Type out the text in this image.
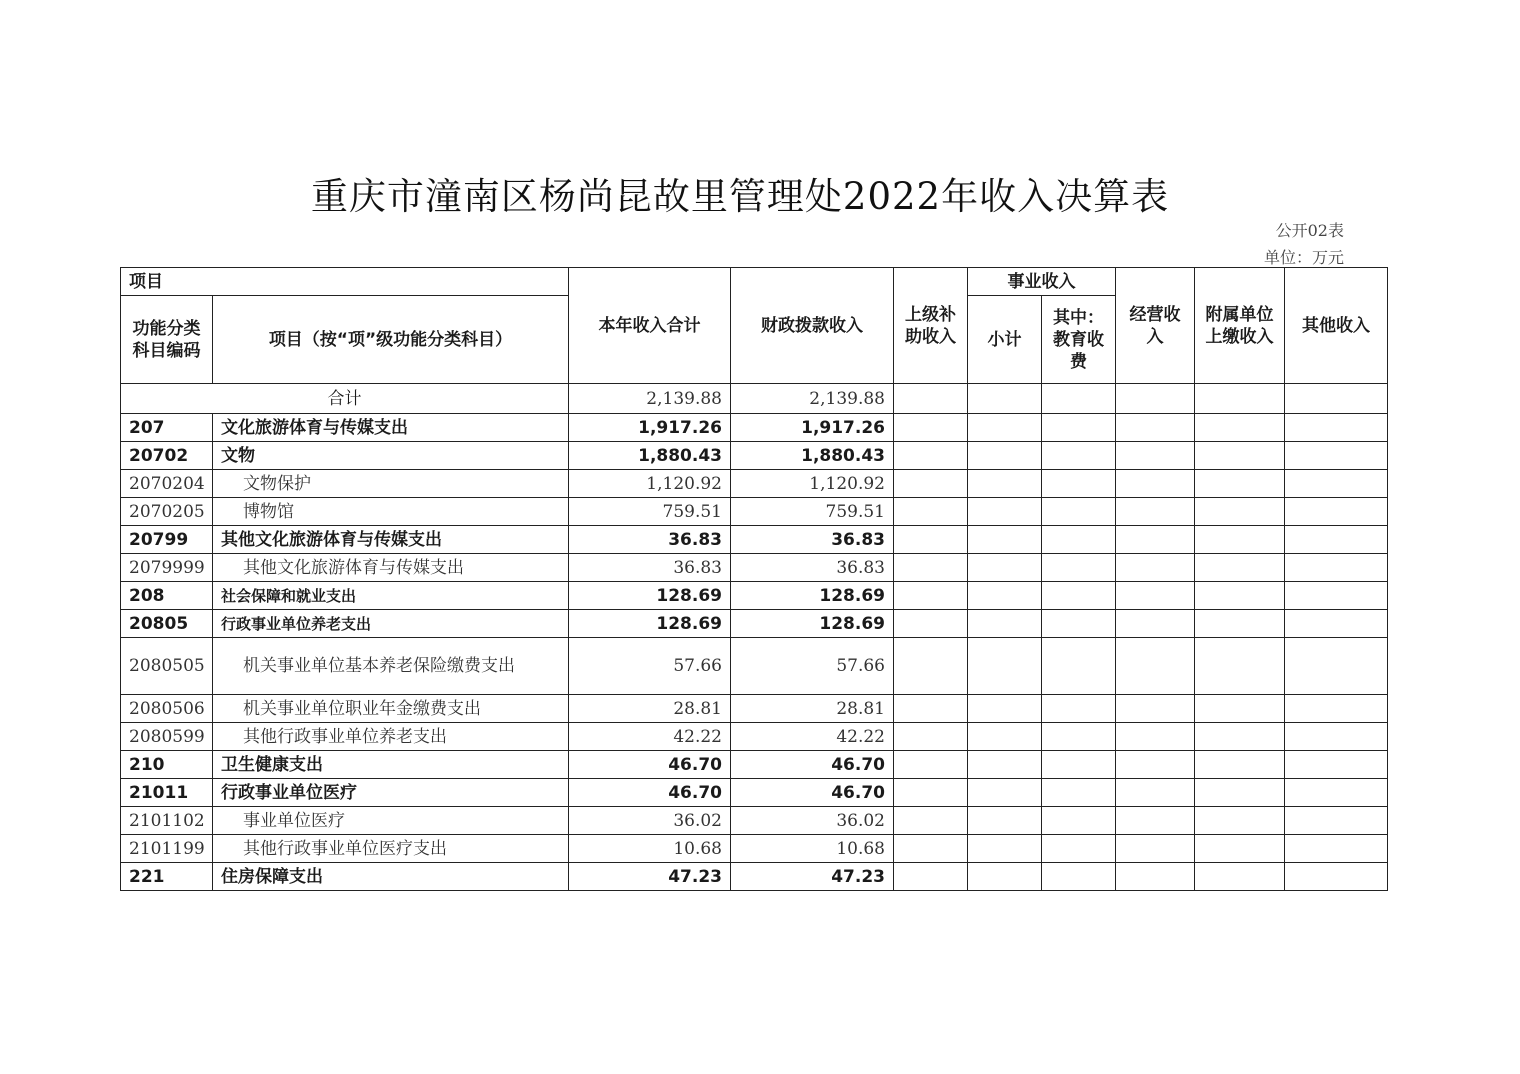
重庆市潼南区杨尚昆故里管理处2022年收入决算表
公开02表
单位：万元
项目		本年收入合计	财政拨款收入	上级补助收入	事业收入		经营收入	附属单位上缴收入	其他收入
功能分类科目编码	项目（按“项”级功能分类科目）				小计	其中：教育收费			
合计		2,139.88	2,139.88						
207	文化旅游体育与传媒支出	1,917.26	1,917.26						
20702	文物	1,880.43	1,880.43						
2070204	文物保护	1,120.92	1,120.92						
2070205	博物馆	759.51	759.51						
20799	其他文化旅游体育与传媒支出	36.83	36.83						
2079999	其他文化旅游体育与传媒支出	36.83	36.83						
208	社会保障和就业支出	128.69	128.69						
20805	行政事业单位养老支出	128.69	128.69						
2080505	机关事业单位基本养老保险缴费支出	57.66	57.66						
2080506	机关事业单位职业年金缴费支出	28.81	28.81						
2080599	其他行政事业单位养老支出	42.22	42.22						
210	卫生健康支出	46.70	46.70						
21011	行政事业单位医疗	46.70	46.70						
2101102	事业单位医疗	36.02	36.02						
2101199	其他行政事业单位医疗支出	10.68	10.68						
221	住房保障支出	47.23	47.23						
